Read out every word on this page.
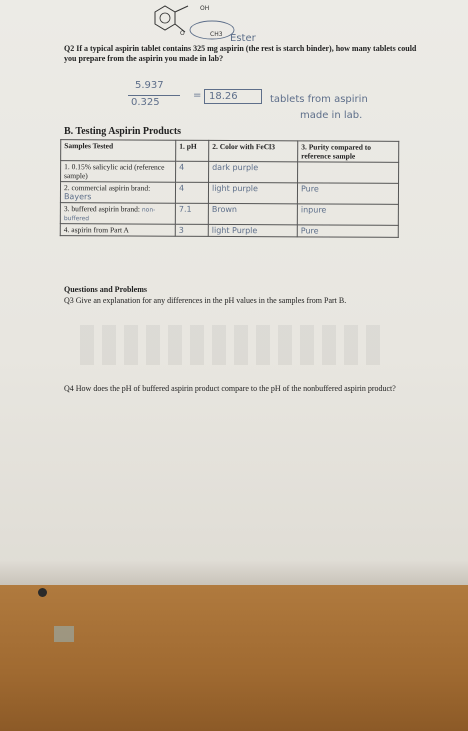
OH
O	CH3 Ester
Q2 If a typical aspirin tablet contains 325 mg aspirin (the rest is starch binder), how many tablets could you prepare from the aspirin you made in lab?
5.937
0.325
= 18.26	tablets from aspirin
made in lab.
B. Testing Aspirin Products
Samples Tested	1. pH	2. Color with FeCl3	3. Purity compared to reference sample
1. 0.15% salicylic acid (reference sample)	4	dark purple	
2. commercial aspirin brand: Bayers	4	light purple	Pure
3. buffered aspirin brand: non-buffered	7.1	Brown	inpure
4. aspirin from Part A	3	light Purple	Pure
Questions and Problems
Q3 Give an explanation for any differences in the pH values in the samples from Part B.
Q4 How does the pH of buffered aspirin product compare to the pH of the nonbuffered aspirin product?
